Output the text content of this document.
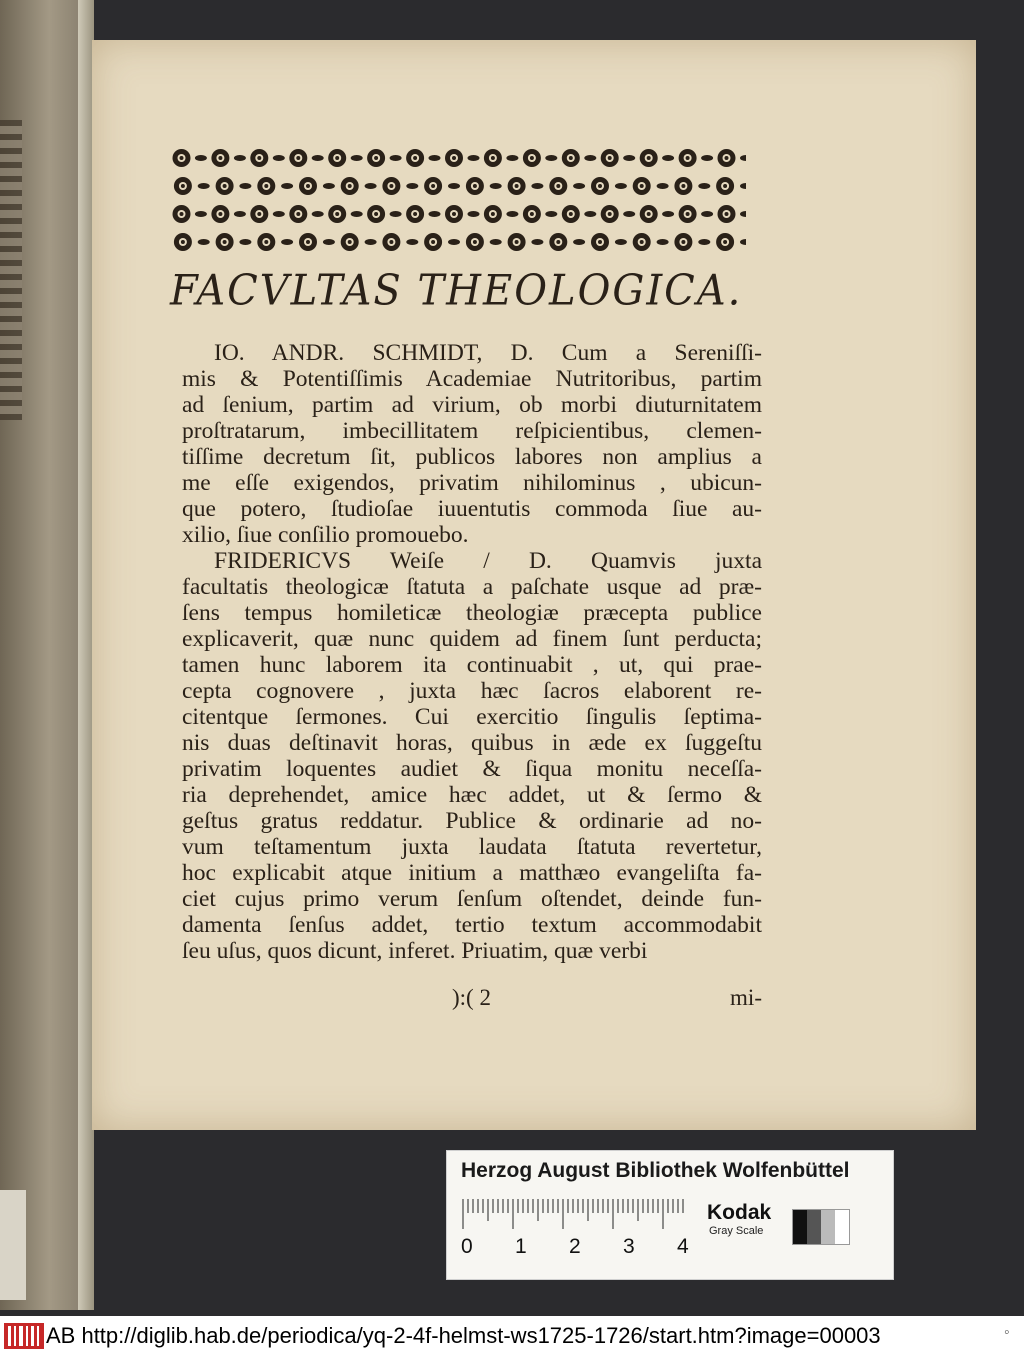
FACVLTAS THEOLOGICA.
IO. ANDR. SCHMIDT, D. Cum a Sereniſſi-
mis & Potentiſſimis Academiae Nutritoribus, partim
ad ſenium, partim ad virium, ob morbi diuturnitatem
proſtratarum, imbecillitatem reſpicientibus, clemen-
tiſſime decretum ſit, publicos labores non amplius a
me eſſe exigendos, privatim nihilominus , ubicun-
que potero, ſtudioſae iuuentutis commoda ſiue au-
xilio, ſiue conſilio promouebo.
FRIDERICVS Weiſe / D. Quamvis juxta
facultatis theologicæ ſtatuta a paſchate usque ad præ-
ſens tempus homileticæ theologiæ præcepta publice
explicaverit, quæ nunc quidem ad finem ſunt perducta;
tamen hunc laborem ita continuabit , ut, qui prae-
cepta cognovere , juxta hæc ſacros elaborent re-
citentque ſermones. Cui exercitio ſingulis ſeptima-
nis duas deſtinavit horas, quibus in æde ex ſuggeſtu
privatim loquentes audiet & ſiqua monitu neceſſa-
ria deprehendet, amice hæc addet, ut & ſermo &
geſtus gratus reddatur. Publice & ordinarie ad no-
vum teſtamentum juxta laudata ſtatuta revertetur,
hoc explicabit atque initium a matthæo evangeliſta fa-
ciet cujus primo verum ſenſum oſtendet, deinde fun-
damenta ſenſus addet, tertio textum accommodabit
ſeu uſus, quos dicunt, inferet. Priuatim, quæ verbi
):( 2	mi-
Herzog August Bibliothek Wolfenbüttel
0 1 2 3 4
Kodak
Gray Scale
AB http://diglib.hab.de/periodica/yq-2-4f-helmst-ws1725-1726/start.htm?image=00003	◦
